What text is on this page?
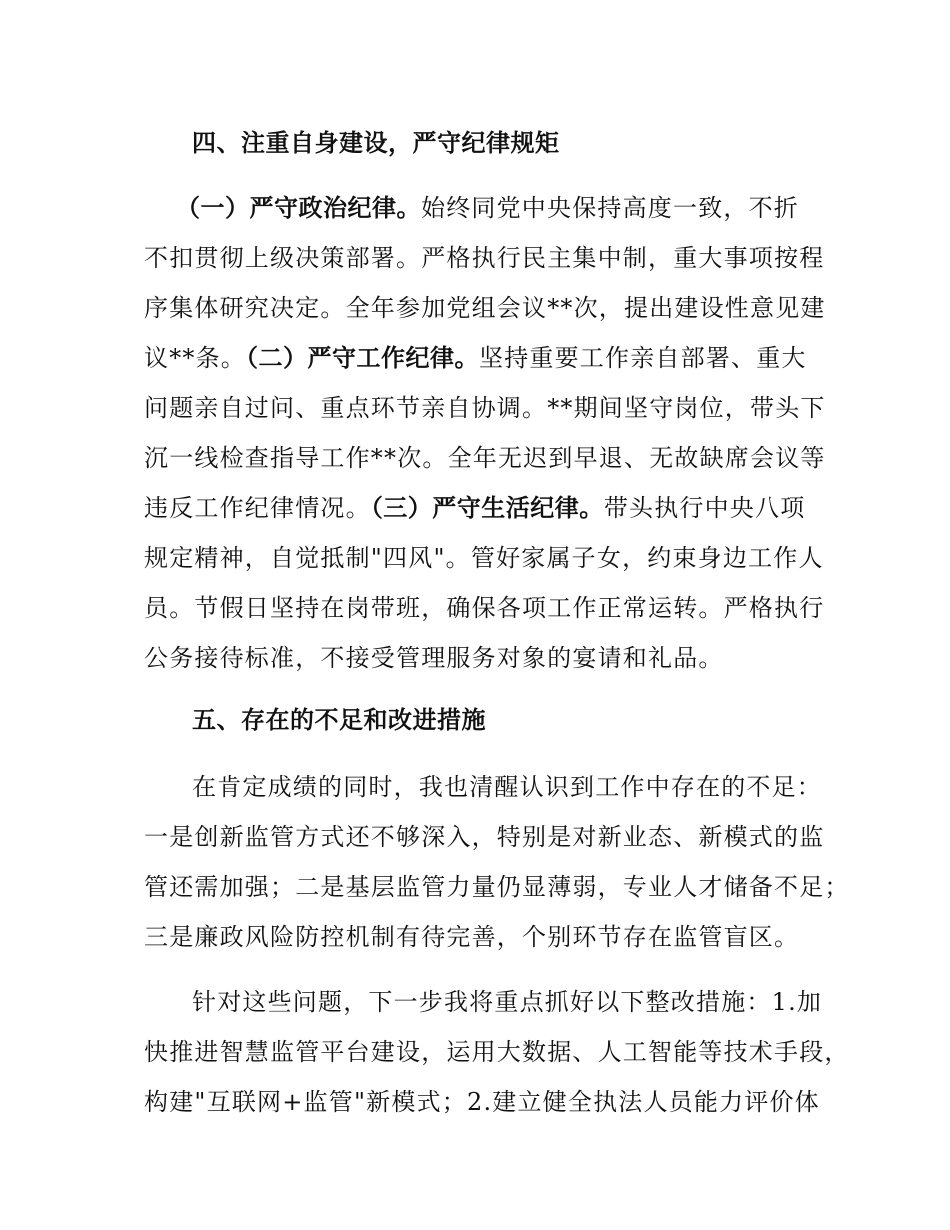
四、注重自身建设，严守纪律规矩

（一）严守政治纪律。始终同党中央保持高度一致，不折

不扣贯彻上级决策部署。严格执行民主集中制，重大事项按程

序集体研究决定。全年参加党组会议**次，提出建设性意见建

议**条。（二）严守工作纪律。坚持重要工作亲自部署、重大

问题亲自过问、重点环节亲自协调。**期间坚守岗位，带头下

沉一线检查指导工作**次。全年无迟到早退、无故缺席会议等

违反工作纪律情况。（三）严守生活纪律。带头执行中央八项

规定精神，自觉抵制"四风"。管好家属子女，约束身边工作人

员。节假日坚持在岗带班，确保各项工作正常运转。严格执行

公务接待标准，不接受管理服务对象的宴请和礼品。

五、存在的不足和改进措施

在肯定成绩的同时，我也清醒认识到工作中存在的不足：

一是创新监管方式还不够深入，特别是对新业态、新模式的监

管还需加强；二是基层监管力量仍显薄弱，专业人才储备不足；

三是廉政风险防控机制有待完善，个别环节存在监管盲区。

针对这些问题，下一步我将重点抓好以下整改措施：1.加

快推进智慧监管平台建设，运用大数据、人工智能等技术手段，

构建"互联网+监管"新模式；2.建立健全执法人员能力评价体
